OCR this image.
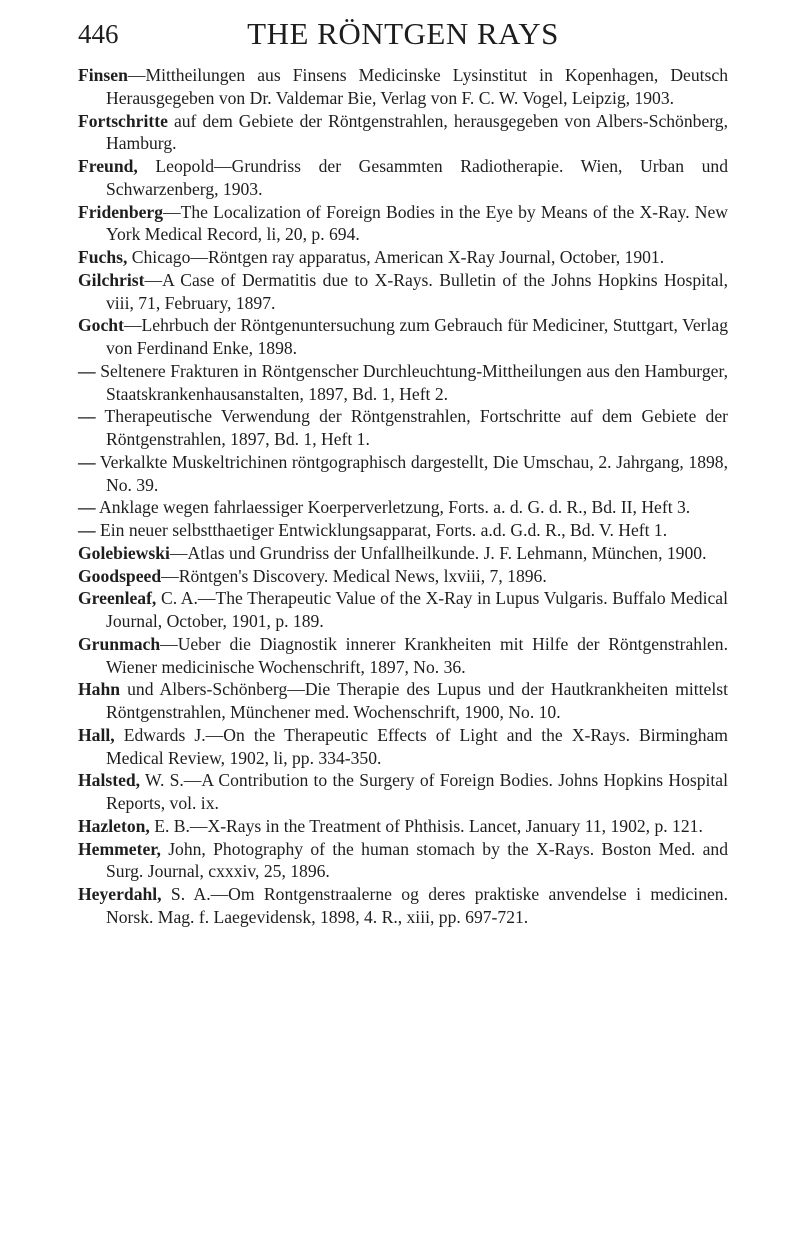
446	THE RÖNTGEN RAYS
Finsen—Mittheilungen aus Finsens Medicinske Lysinstitut in Kopenhagen, Deutsch Herausgegeben von Dr. Valdemar Bie, Verlag von F. C. W. Vogel, Leipzig, 1903.
Fortschritte auf dem Gebiete der Röntgenstrahlen, herausgegeben von Albers-Schönberg, Hamburg.
Freund, Leopold—Grundriss der Gesammten Radiotherapie. Wien, Urban und Schwarzenberg, 1903.
Fridenberg—The Localization of Foreign Bodies in the Eye by Means of the X-Ray. New York Medical Record, li, 20, p. 694.
Fuchs, Chicago—Röntgen ray apparatus, American X-Ray Journal, October, 1901.
Gilchrist—A Case of Dermatitis due to X-Rays. Bulletin of the Johns Hopkins Hospital, viii, 71, February, 1897.
Gocht—Lehrbuch der Röntgenuntersuchung zum Gebrauch für Mediciner, Stuttgart, Verlag von Ferdinand Enke, 1898.
— Seltenere Frakturen in Röntgenscher Durchleuchtung-Mittheilungen aus den Hamburger, Staatskrankenhausanstalten, 1897, Bd. 1, Heft 2.
— Therapeutische Verwendung der Röntgenstrahlen, Fortschritte auf dem Gebiete der Röntgenstrahlen, 1897, Bd. 1, Heft 1.
— Verkalkte Muskeltrichinen röntgographisch dargestellt, Die Umschau, 2. Jahrgang, 1898, No. 39.
— Anklage wegen fahrlaessiger Koerperverletzung, Forts. a. d. G. d. R., Bd. II, Heft 3.
— Ein neuer selbstthaetiger Entwicklungsapparat, Forts. a.d. G.d. R., Bd. V. Heft 1.
Golebiewski—Atlas und Grundriss der Unfallheilkunde. J. F. Lehmann, München, 1900.
Goodspeed—Röntgen's Discovery. Medical News, lxviii, 7, 1896.
Greenleaf, C. A.—The Therapeutic Value of the X-Ray in Lupus Vulgaris. Buffalo Medical Journal, October, 1901, p. 189.
Grunmach—Ueber die Diagnostik innerer Krankheiten mit Hilfe der Röntgenstrahlen. Wiener medicinische Wochenschrift, 1897, No. 36.
Hahn und Albers-Schönberg—Die Therapie des Lupus und der Hautkrankheiten mittelst Röntgenstrahlen, Münchener med. Wochenschrift, 1900, No. 10.
Hall, Edwards J.—On the Therapeutic Effects of Light and the X-Rays. Birmingham Medical Review, 1902, li, pp. 334-350.
Halsted, W. S.—A Contribution to the Surgery of Foreign Bodies. Johns Hopkins Hospital Reports, vol. ix.
Hazleton, E. B.—X-Rays in the Treatment of Phthisis. Lancet, January 11, 1902, p. 121.
Hemmeter, John, Photography of the human stomach by the X-Rays. Boston Med. and Surg. Journal, cxxxiv, 25, 1896.
Heyerdahl, S. A.—Om Rontgenstraalerne og deres praktiske anvendelse i medicinen. Norsk. Mag. f. Laegevidensk, 1898, 4. R., xiii, pp. 697-721.
